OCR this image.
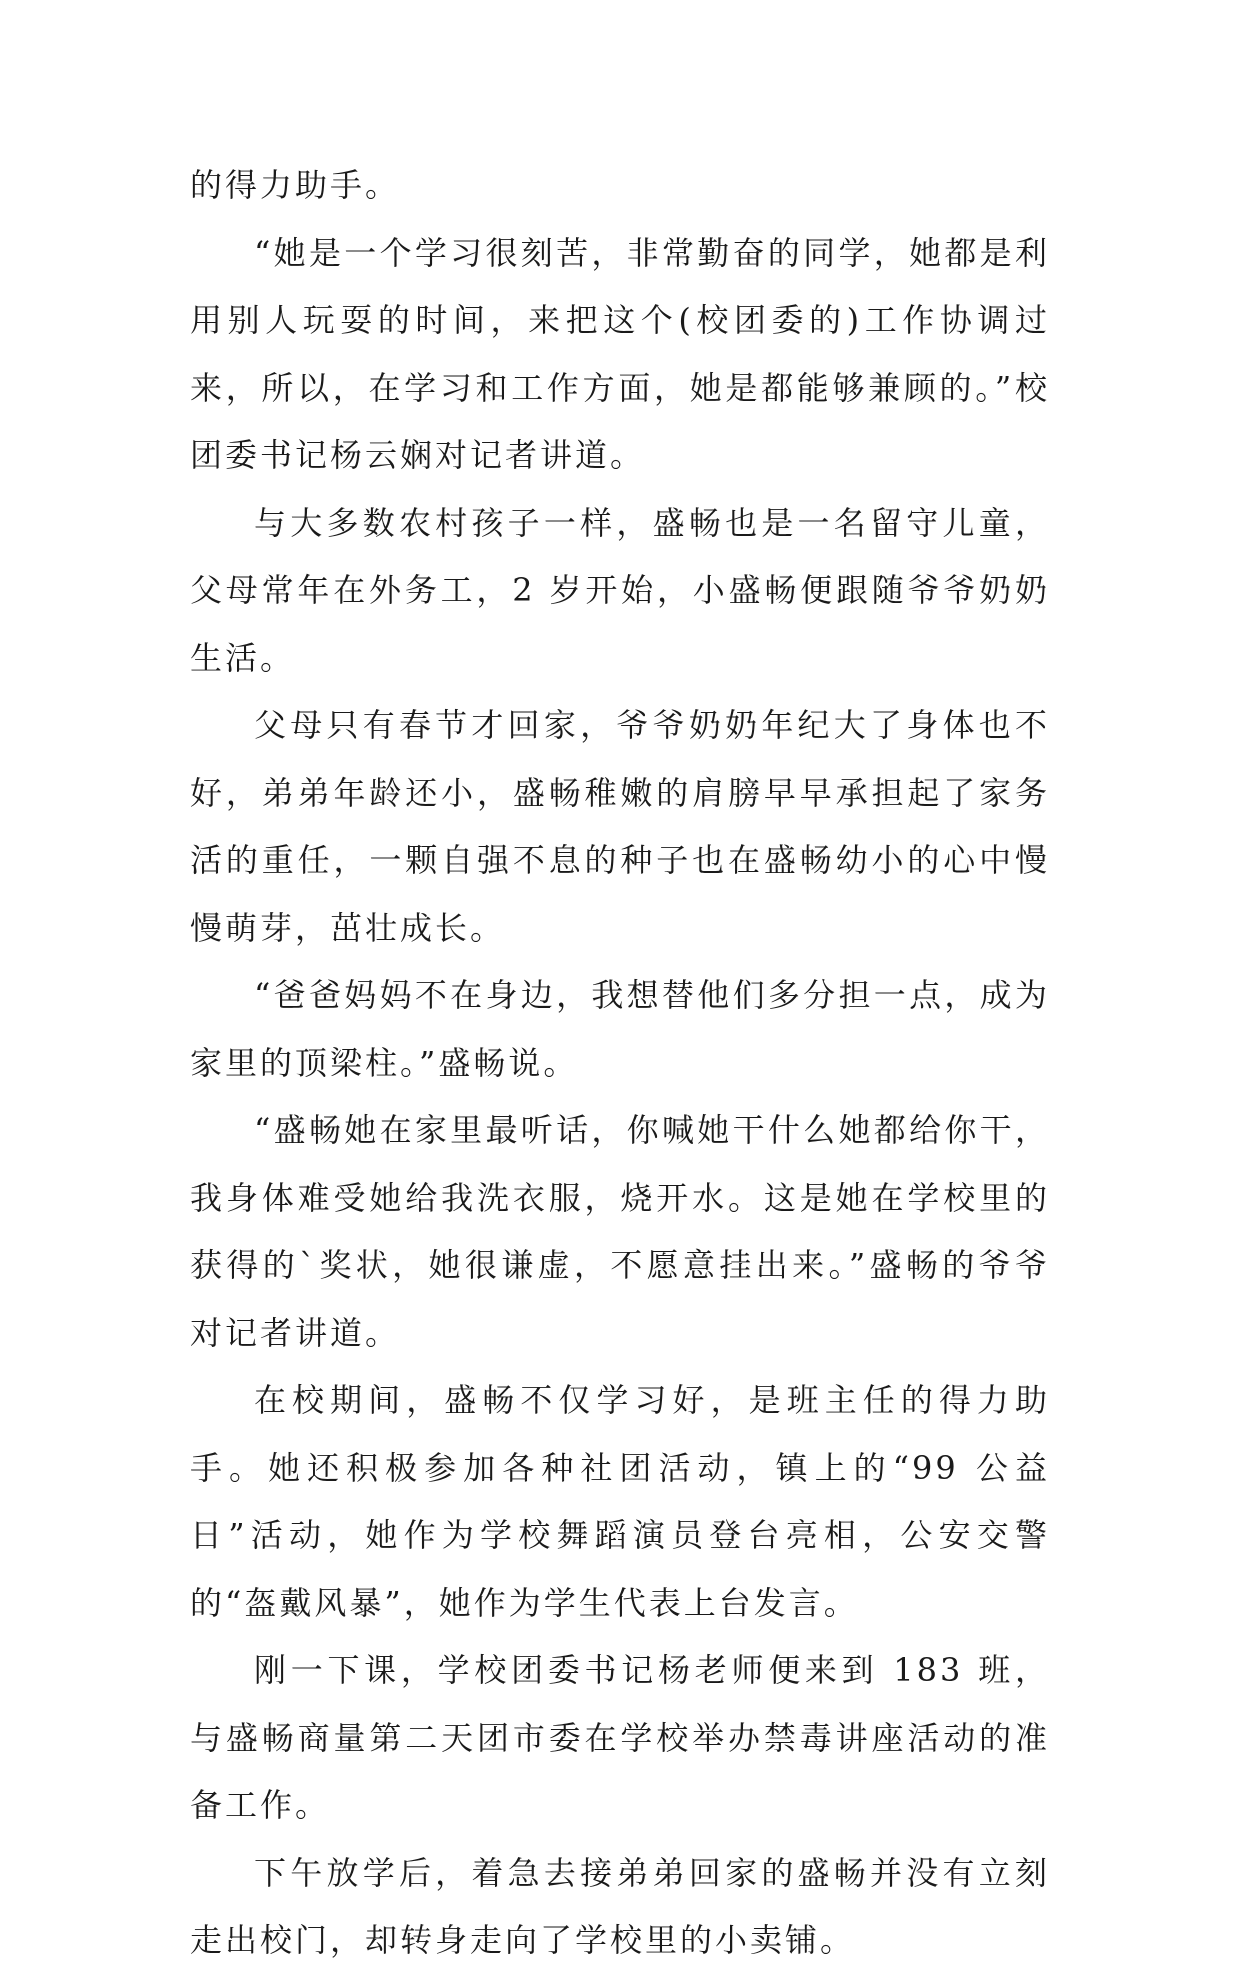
的得力助手。

“她是一个学习很刻苦，非常勤奋的同学，她都是利用别人玩耍的时间，来把这个(校团委的)工作协调过来，所以，在学习和工作方面，她是都能够兼顾的。”校团委书记杨云娴对记者讲道。

与大多数农村孩子一样，盛畅也是一名留守儿童，父母常年在外务工，2 岁开始，小盛畅便跟随爷爷奶奶生活。

父母只有春节才回家，爷爷奶奶年纪大了身体也不好，弟弟年龄还小，盛畅稚嫩的肩膀早早承担起了家务活的重任，一颗自强不息的种子也在盛畅幼小的心中慢慢萌芽，茁壮成长。

“爸爸妈妈不在身边，我想替他们多分担一点，成为家里的顶梁柱。”盛畅说。

“盛畅她在家里最听话，你喊她干什么她都给你干，我身体难受她给我洗衣服，烧开水。这是她在学校里的获得的`奖状，她很谦虚，不愿意挂出来。”盛畅的爷爷对记者讲道。

在校期间，盛畅不仅学习好，是班主任的得力助手。她还积极参加各种社团活动，镇上的“99 公益日”活动，她作为学校舞蹈演员登台亮相，公安交警的“盔戴风暴”，她作为学生代表上台发言。

刚一下课，学校团委书记杨老师便来到 183 班，与盛畅商量第二天团市委在学校举办禁毒讲座活动的准备工作。

下午放学后，着急去接弟弟回家的盛畅并没有立刻走出校门，却转身走向了学校里的小卖铺。
